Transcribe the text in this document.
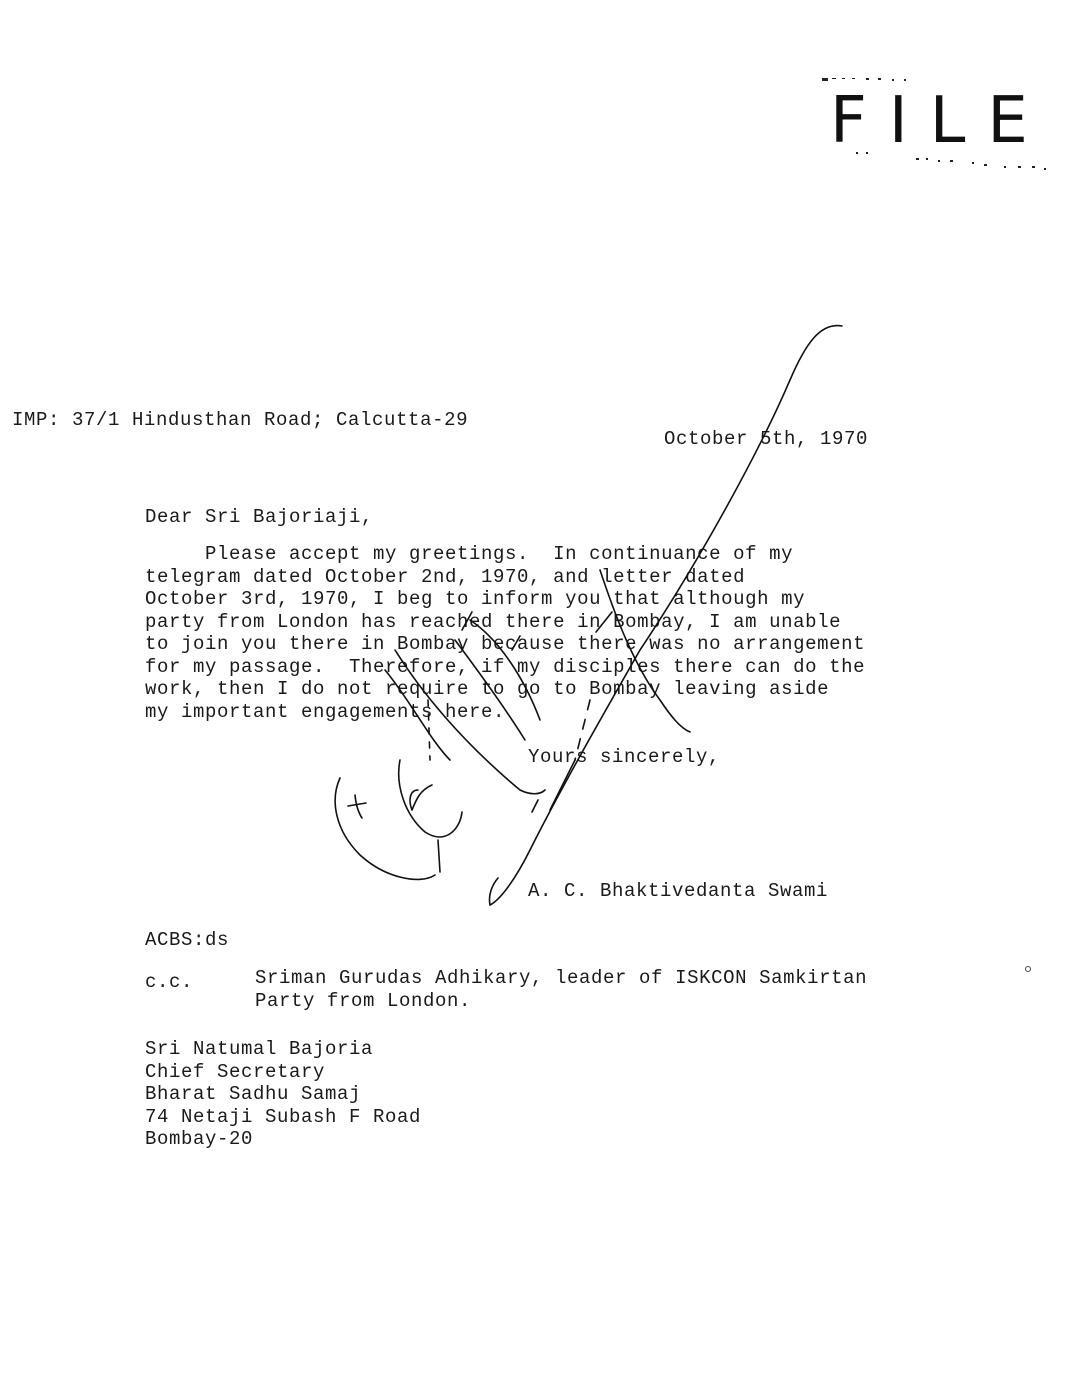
FILE
IMP: 37/1 Hindusthan Road; Calcutta-29
October 5th, 1970
Dear Sri Bajoriaji,
Please accept my greetings.  In continuance of my
telegram dated October 2nd, 1970, and letter dated
October 3rd, 1970, I beg to inform you that although my
party from London has reached there in Bombay, I am unable
to join you there in Bombay because there was no arrangement
for my passage.  Therefore, if my disciples there can do the
work, then I do not require to go to Bombay leaving aside
my important engagements here.
Yours sincerely,
A. C. Bhaktivedanta Swami
ACBS:ds
c.c.	Sriman Gurudas Adhikary, leader of ISKCON Samkirtan
Party from London.
Sri Natumal Bajoria
Chief Secretary
Bharat Sadhu Samaj
74 Netaji Subash F Road
Bombay-20
